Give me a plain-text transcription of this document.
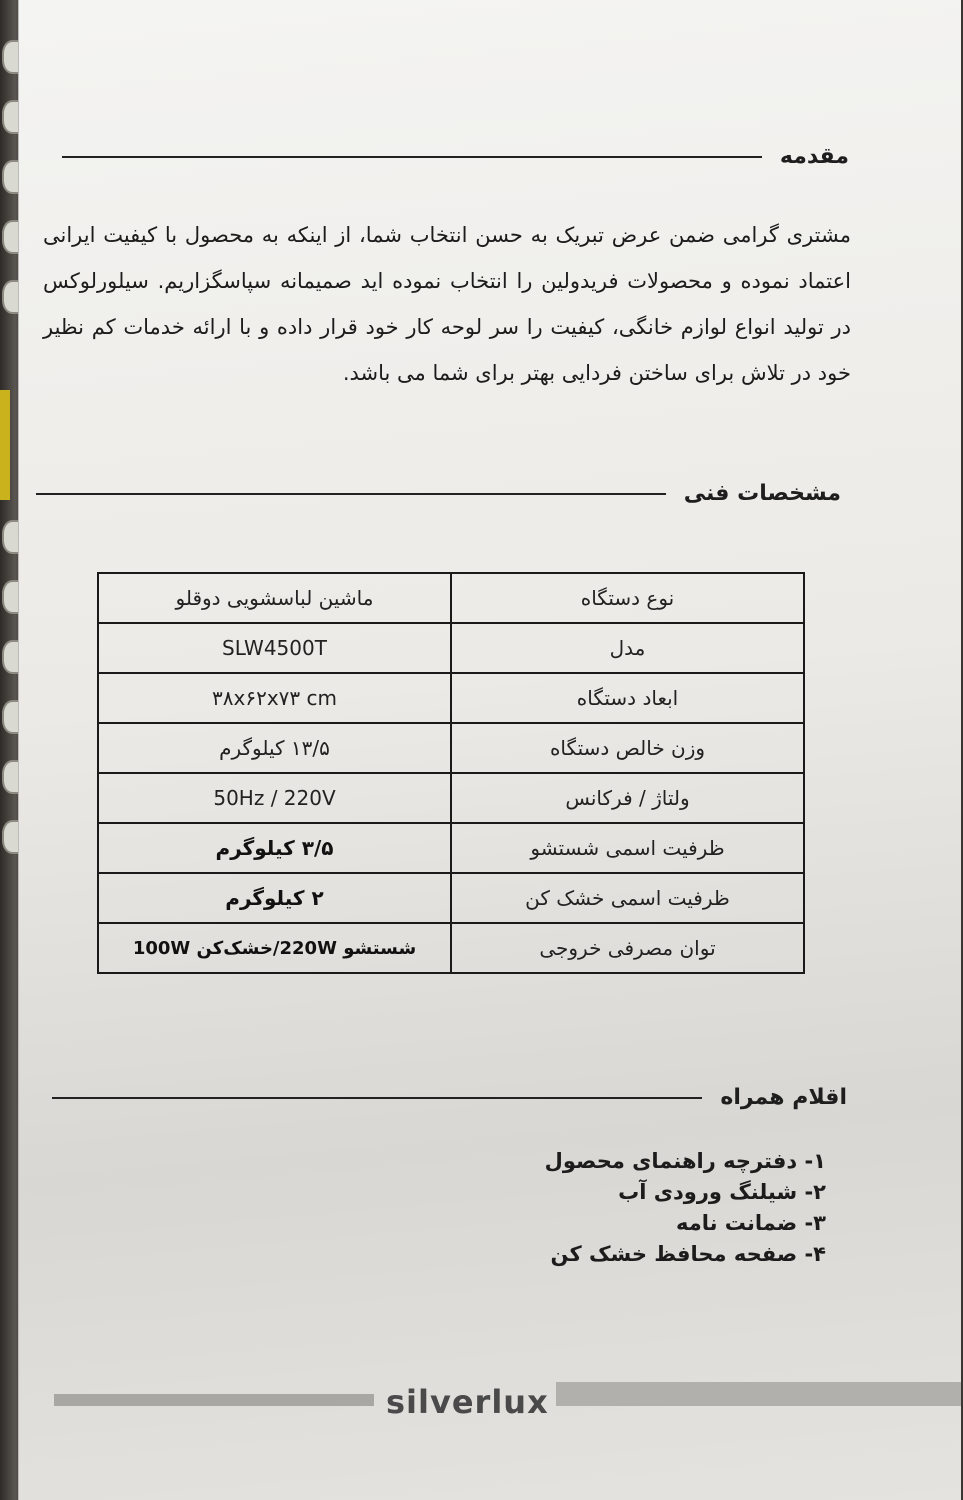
مقدمه
مشتری گرامی ضمن عرض تبریک به حسن انتخاب شما، از اینکه به محصول با کیفیت ایرانی اعتماد نموده و محصولات فریدولین را انتخاب نموده اید صمیمانه سپاسگزاریم. سیلورلوکس در تولید انواع لوازم خانگی، کیفیت را سر لوحه کار خود قرار داده و با ارائه خدمات کم نظیر خود در تلاش برای ساختن فردایی بهتر برای شما می باشد.
مشخصات فنی
نوع دستگاه	ماشین لباسشویی دوقلو
مدل	SLW4500T
ابعاد دستگاه	۳۸x۶۲x۷۳ cm
وزن خالص دستگاه	۱۳/۵ کیلوگرم
ولتاژ / فرکانس	50Hz / 220V
ظرفیت اسمی شستشو	۳/۵ کیلوگرم
ظرفیت اسمی خشک کن	۲ کیلوگرم
توان مصرفی خروجی	شستشو 220W/خشک‌کن 100W
اقلام همراه
۱- دفترچه راهنمای محصول
۲- شیلنگ ورودی آب
۳- ضمانت نامه
۴- صفحه محافظ خشک کن
silverlux
